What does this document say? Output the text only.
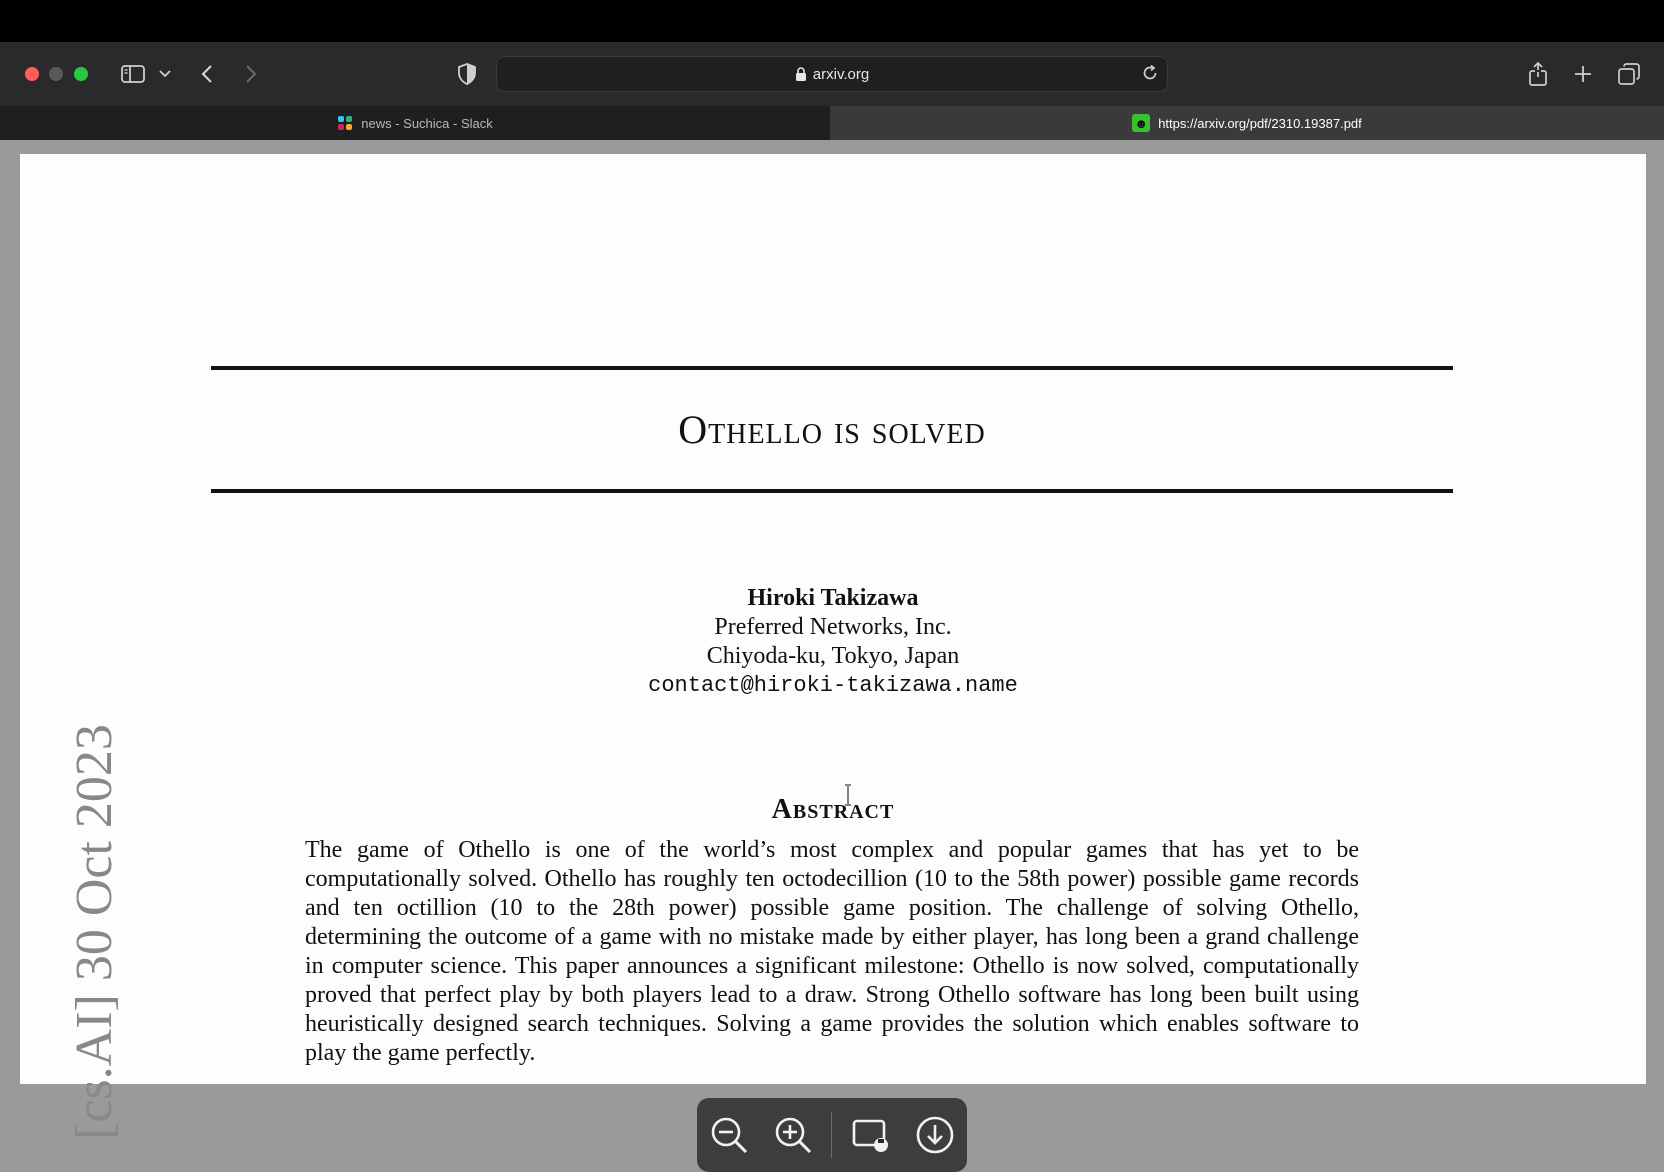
arxiv.org
news - Suchica - Slack	☻ https://arxiv.org/pdf/2310.19387.pdf
Othello is solved
Hiroki Takizawa
Preferred Networks, Inc.
Chiyoda-ku, Tokyo, Japan
contact@hiroki-takizawa.name
Abstract
The game of Othello is one of the world’s most complex and popular games that has yet to be computationally solved. Othello has roughly ten octodecillion (10 to the 58th power) possible game records and ten octillion (10 to the 28th power) possible game position. The challenge of solving Othello, determining the outcome of a game with no mistake made by either player, has long been a grand challenge in computer science. This paper announces a significant milestone: Othello is now solved, computationally proved that perfect play by both players lead to a draw. Strong Othello software has long been built using heuristically designed search techniques. Solving a game provides the solution which enables software to play the game perfectly.
[cs.AI] 30 Oct 2023
